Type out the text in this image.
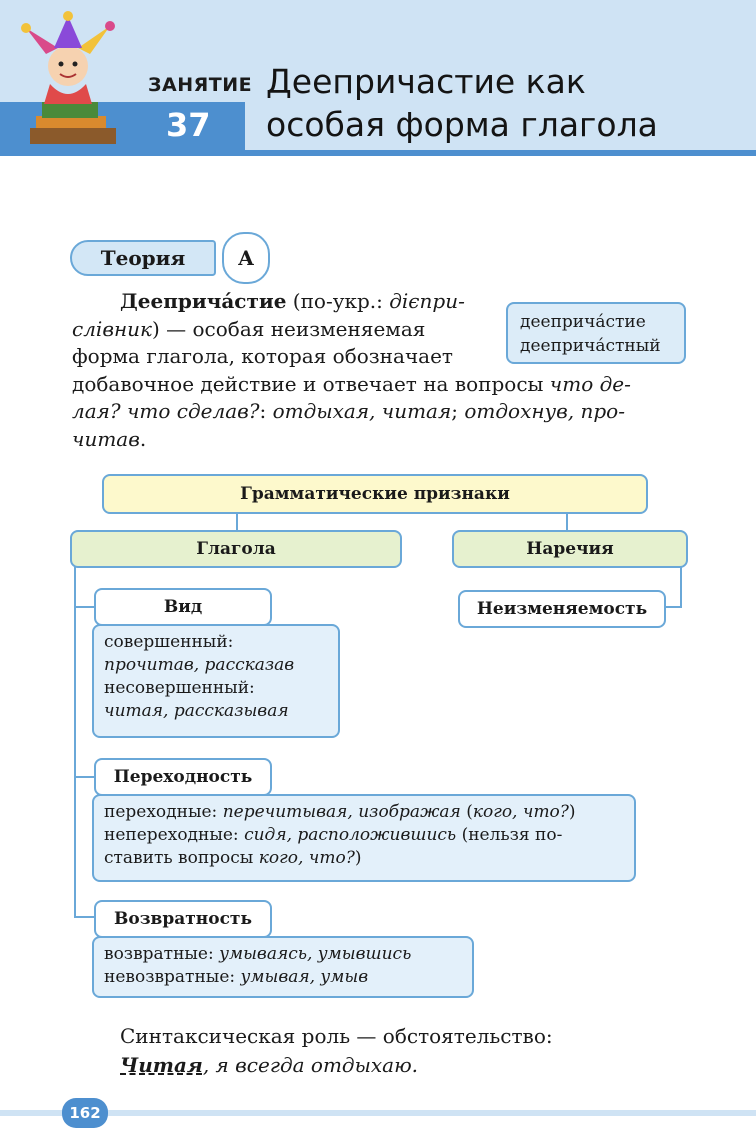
ЗАНЯТИЕ
37
Деепричастие как
особая форма глагола
Теория	А
дееприча́стие
дееприча́стный
Деепричáстие (по-укр.: дієпри-
слівник) — особая неизменяемая
форма глагола, которая обозначает
добавочное действие и отвечает на вопросы что де-
лая? что сделав?: отдыхая, читая; отдохнув, про-
читав.
Грамматические признаки
Глагола	Наречия
Неизменяемость
Вид
совершенный:
прочитав, рассказав
несовершенный:
читая, рассказывая
Переходность
переходные: перечитывая, изображая (кого, что?)
непереходные: сидя, расположившись (нельзя по-
ставить вопросы кого, что?)
Возвратность
возвратные: умываясь, умывшись
невозвратные: умывая, умыв
Синтаксическая роль — обстоятельство:
Читая, я всегда отдыхаю.
162
